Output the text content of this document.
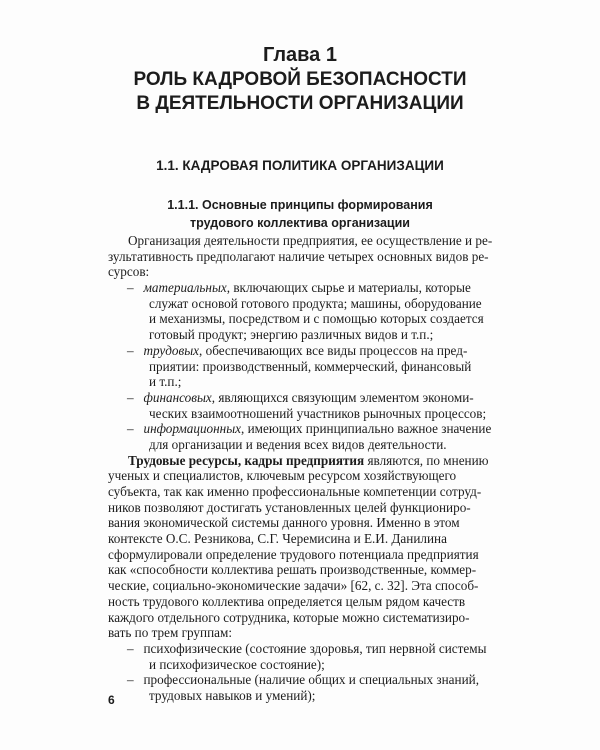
Глава 1
РОЛЬ КАДРОВОЙ БЕЗОПАСНОСТИ
В ДЕЯТЕЛЬНОСТИ ОРГАНИЗАЦИИ
1.1. КАДРОВАЯ ПОЛИТИКА ОРГАНИЗАЦИИ
1.1.1. Основные принципы формирования
трудового коллектива организации
Организация деятельности предприятия, ее осуществление и ре-
зультативность предполагают наличие четырех основных видов ре-
сурсов:
– материальных, включающих сырье и материалы, которые
служат основой готового продукта; машины, оборудование
и механизмы, посредством и с помощью которых создается
готовый продукт; энергию различных видов и т.п.;
– трудовых, обеспечивающих все виды процессов на пред-
приятии: производственный, коммерческий, финансовый
и т.п.;
– финансовых, являющихся связующим элементом экономи-
ческих взаимоотношений участников рыночных процессов;
– информационных, имеющих принципиально важное значение
для организации и ведения всех видов деятельности.
Трудовые ресурсы, кадры предприятия являются, по мнению
ученых и специалистов, ключевым ресурсом хозяйствующего
субъекта, так как именно профессиональные компетенции сотруд-
ников позволяют достигать установленных целей функциониро-
вания экономической системы данного уровня. Именно в этом
контексте О.С. Резникова, С.Г. Черемисина и Е.И. Данилина
сформулировали определение трудового потенциала предприятия
как «способности коллектива решать производственные, коммер-
ческие, социально-экономические задачи» [62, с. 32]. Эта способ-
ность трудового коллектива определяется целым рядом качеств
каждого отдельного сотрудника, которые можно систематизиро-
вать по трем группам:
– психофизические (состояние здоровья, тип нервной системы
и психофизическое состояние);
– профессиональные (наличие общих и специальных знаний,
трудовых навыков и умений);
6
